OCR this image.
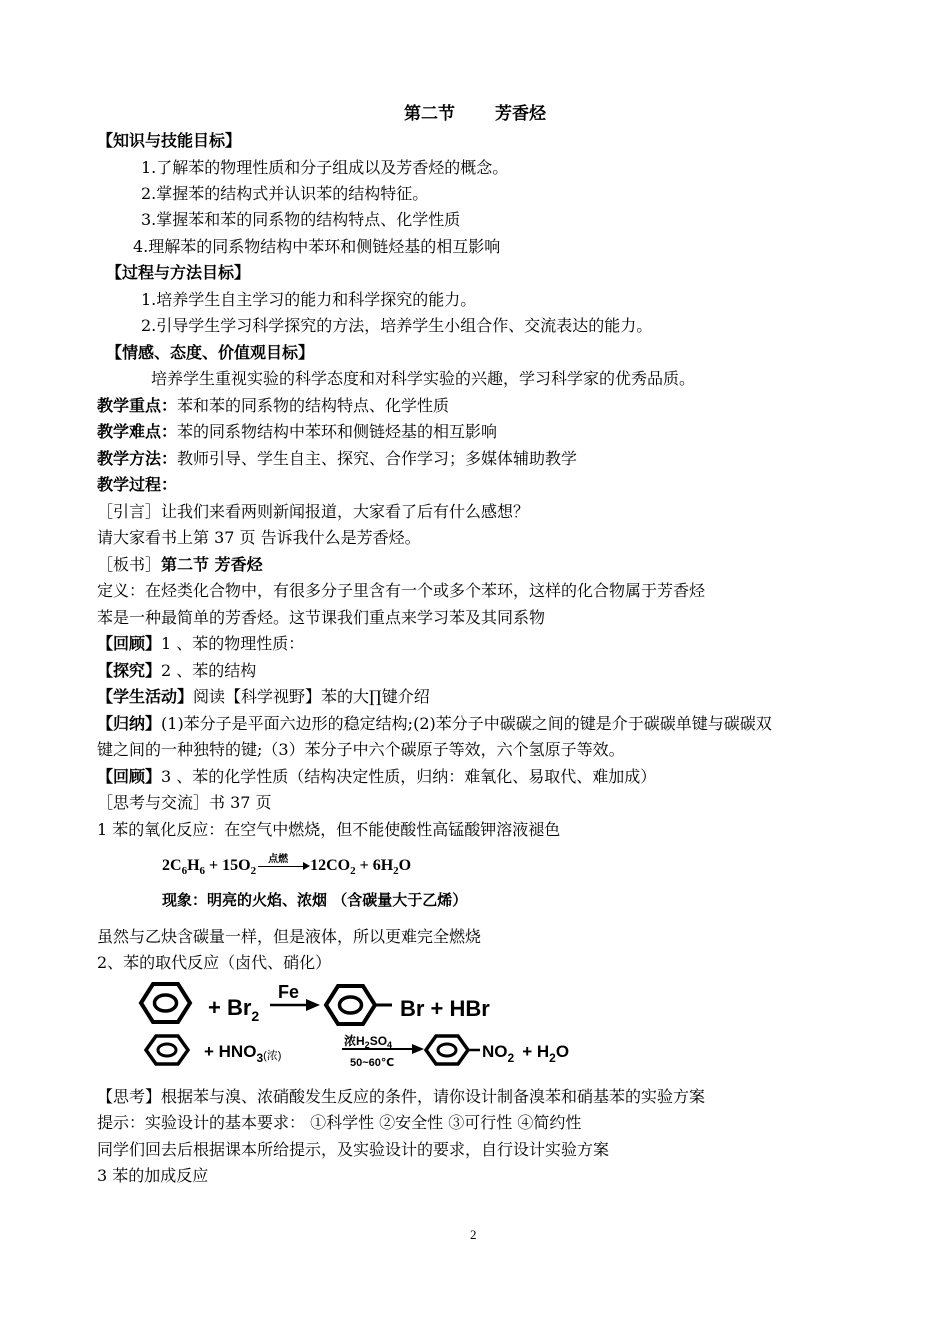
第二节 芳香烃
【知识与技能目标】
1.了解苯的物理性质和分子组成以及芳香烃的概念。
2.掌握苯的结构式并认识苯的结构特征。
3.掌握苯和苯的同系物的结构特点、化学性质
4.理解苯的同系物结构中苯环和侧链烃基的相互影响
【过程与方法目标】
1.培养学生自主学习的能力和科学探究的能力。
2.引导学生学习科学探究的方法，培养学生小组合作、交流表达的能力。
【情感、态度、价值观目标】
培养学生重视实验的科学态度和对科学实验的兴趣，学习科学家的优秀品质。
教学重点：苯和苯的同系物的结构特点、化学性质
教学难点：苯的同系物结构中苯环和侧链烃基的相互影响
教学方法：教师引导、学生自主、探究、合作学习；多媒体辅助教学
教学过程：
［引言］让我们来看两则新闻报道，大家看了后有什么感想？
请大家看书上第 37 页 告诉我什么是芳香烃。
［板书］第二节 芳香烃
定义：在烃类化合物中，有很多分子里含有一个或多个苯环，这样的化合物属于芳香烃
苯是一种最简单的芳香烃。这节课我们重点来学习苯及其同系物
【回顾】1 、苯的物理性质：
【探究】2 、苯的结构
【学生活动】阅读【科学视野】苯的大∏键介绍
【归纳】(1)苯分子是平面六边形的稳定结构;(2)苯分子中碳碳之间的键是介于碳碳单键与碳碳双
键之间的一种独特的键;（3）苯分子中六个碳原子等效，六个氢原子等效。
【回顾】3 、苯的化学性质（结构决定性质，归纳：难氧化、易取代、难加成）
［思考与交流］书 37 页
1 苯的氧化反应：在空气中燃烧，但不能使酸性高锰酸钾溶液褪色
$2C_6H_6 + 15O_2$
点燃 $12CO_2 + 6H_2O$
现象：明亮的火焰、浓烟 （含碳量大于乙烯）
虽然与乙炔含碳量一样，但是液体，所以更难完全燃烧
2、苯的取代反应（卤代、硝化）
+ $Br_2$
Fe
Br + HBr
+ $HNO_3$(浓)
浓$H_2SO_4$
50~60℃
$NO_2 + H_2O$
【思考】根据苯与溴、浓硝酸发生反应的条件，请你设计制备溴苯和硝基苯的实验方案
提示：实验设计的基本要求： ①科学性 ②安全性 ③可行性 ④简约性
同学们回去后根据课本所给提示，及实验设计的要求，自行设计实验方案
3 苯的加成反应
2
